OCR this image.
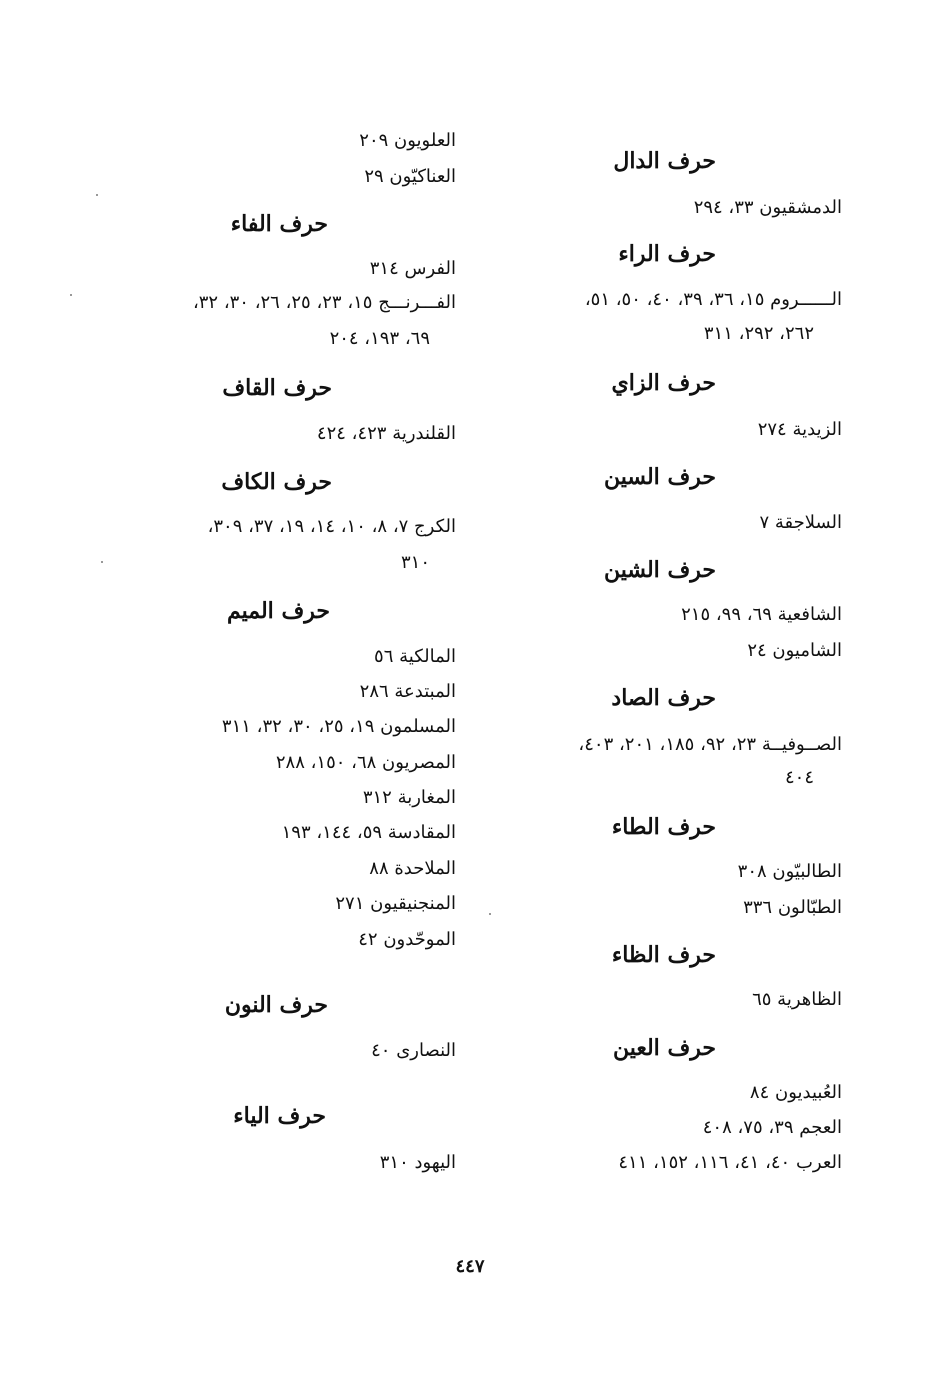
حرف الدال
الدمشقيون ٣٣، ٢٩٤
حرف الراء
الــــــروم ١٥، ٣٦، ٣٩، ٤٠، ٥٠، ٥١،
٢٦٢، ٢٩٢، ٣١١
حرف الزاي
الزيدية ٢٧٤
حرف السين
السلاجقة ٧
حرف الشين
الشافعية ٦٩، ٩٩، ٢١٥
الشاميون ٢٤
حرف الصاد
الصــوفيــة ٢٣، ٩٢، ١٨٥، ٢٠١، ٤٠٣،
٤٠٤
حرف الطاء
الطالبيّون ٣٠٨
الطبّالون ٣٣٦
حرف الظاء
الظاهرية ٦٥
حرف العين
العُبيديون ٨٤
العجم ٣٩، ٧٥، ٤٠٨
العرب ٤٠، ٤١، ١١٦، ١٥٢، ٤١١
العلويون ٢٠٩
العناكيّون ٢٩
حرف الفاء
الفرس ٣١٤
الفـــرنـــج ١٥، ٢٣، ٢٥، ٢٦، ٣٠، ٣٢،
٦٩، ١٩٣، ٢٠٤
حرف القاف
القلندرية ٤٢٣، ٤٢٤
حرف الكاف
الكرج ٧، ٨، ١٠، ١٤، ١٩، ٣٧، ٣٠٩،
٣١٠
حرف الميم
المالكية ٥٦
المبتدعة ٢٨٦
المسلمون ١٩، ٢٥، ٣٠، ٣٢، ٣١١
المصريون ٦٨، ١٥٠، ٢٨٨
المغاربة ٣١٢
المقادسة ٥٩، ١٤٤، ١٩٣
الملاحدة ٨٨
المنجنيقيون ٢٧١
الموحّدون ٤٢
حرف النون
النصارى ٤٠
حرف الياء
اليهود ٣١٠
٤٤٧
